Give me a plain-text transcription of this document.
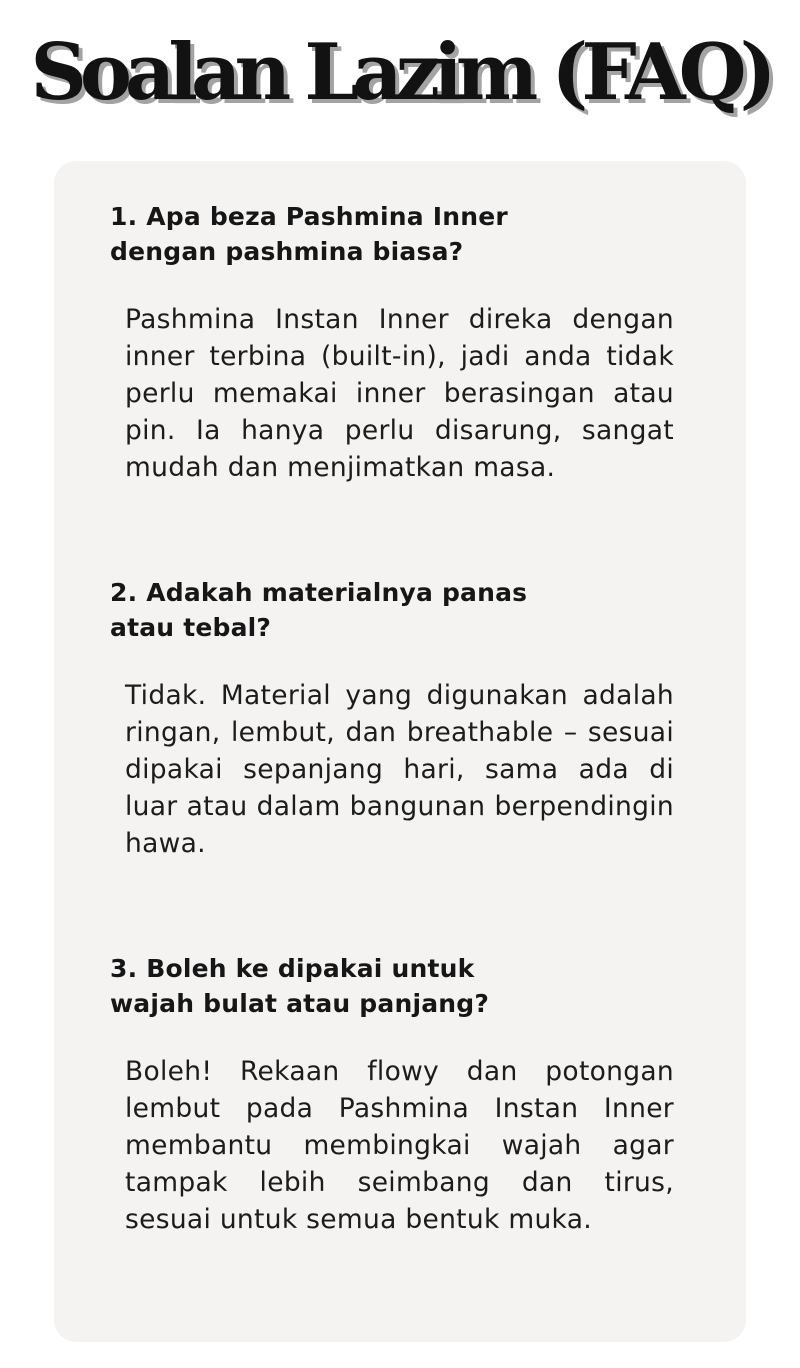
Soalan Lazim (FAQ)
1. Apa beza Pashmina Inner
dengan pashmina biasa?
Pashmina Instan Inner direka dengan inner terbina (built-in), jadi anda tidak perlu memakai inner berasingan atau pin. Ia hanya perlu disarung, sangat mudah dan menjimatkan masa.
2. Adakah materialnya panas
atau tebal?
Tidak. Material yang digunakan adalah ringan, lembut, dan breathable – sesuai dipakai sepanjang hari, sama ada di luar atau dalam bangunan berpendingin hawa.
3. Boleh ke dipakai untuk
wajah bulat atau panjang?
Boleh! Rekaan flowy dan potongan lembut pada Pashmina Instan Inner membantu membingkai wajah agar tampak lebih seimbang dan tirus, sesuai untuk semua bentuk muka.
